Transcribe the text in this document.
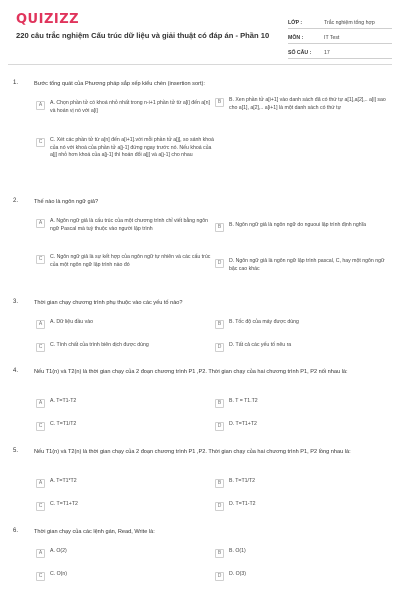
QUIZIZZ
220 câu trắc nghiệm Cấu trúc dữ liệu và giải thuật có đáp án - Phần 10
LỚP :	Trắc nghiệm tổng hợp
MÔN :	IT Test
SỐ CÂU :	17
1.	Bước tổng quát của Phương pháp sắp xếp kiểu chèn (insertion sort):
A	A. Chọn phần tử có khoá nhỏ nhất trong n-i+1 phần tử từ a[i] đến a[n] và hoán vị nó với a[i]
B	B. Xen phần tử a[i+1] vào danh sách đã có thứ tự a[1],a[2],.. a[i] sao cho a[1], a[2],.. a[i+1] là một danh sách có thứ tự
C	C. Xét các phần tử từ a[n] đến a[i+1].với mỗi phần tử a[j], so sánh khoá của nó với khoá của phần tử a[j-1] đứng ngay trước nó. Nếu khoá của a[j] nhỏ hơn khoá của a[j-1] thì hoán đổi a[j] và a[j-1] cho nhau
2.	Thế nào là ngôn ngữ giả?
A	A. Ngôn ngữ giả là cấu trúc của một chương trình chỉ viết bằng ngôn ngữ Pascal mà tuỳ thuộc vào người lập trình	B	B. Ngôn ngữ giả là ngôn ngữ do nguoui lập trình định nghĩa
C	C. Ngôn ngữ giả là sự kết hợp của ngôn ngữ tự nhiên và các cấu trúc của một ngôn ngữ lập trình nào đó	D	D. Ngôn ngữ giả là ngôn ngữ lập trình pascal, C, hay một ngôn ngữ bậc cao khác
3.	Thời gian chạy chương trình phụ thuộc vào các yếu tố nào?
A	A. Dữ liệu đầu vào	B	B. Tốc độ của máy được dùng
C	C. Tính chất của trình biên dịch được dùng	D	D. Tất cả các yếu tố nêu ra
4.	Nếu T1(n) và T2(n) là thời gian chạy của 2 đoạn chương trình P1 ,P2. Thời gian chạy của hai chương trình P1, P2 nối nhau là:
A	A. T=T1-T2	B	B. T = T1.T2
C	C. T=T1/T2	D	D. T=T1+T2
5.	Nếu T1(n) và T2(n) là thời gian chạy của 2 đoạn chương trình P1 ,P2. Thời gian chạy của hai chương trình P1, P2 lồng nhau là:
A	A. T=T1*T2	B	B. T=T1/T2
C	C. T=T1+T2	D	D. T=T1-T2
6.	Thời gian chạy của các lệnh gán, Read, Write là:
A	A. O(2)	B	B. O(1)
C	C. O(n)	D	D. O(3)
